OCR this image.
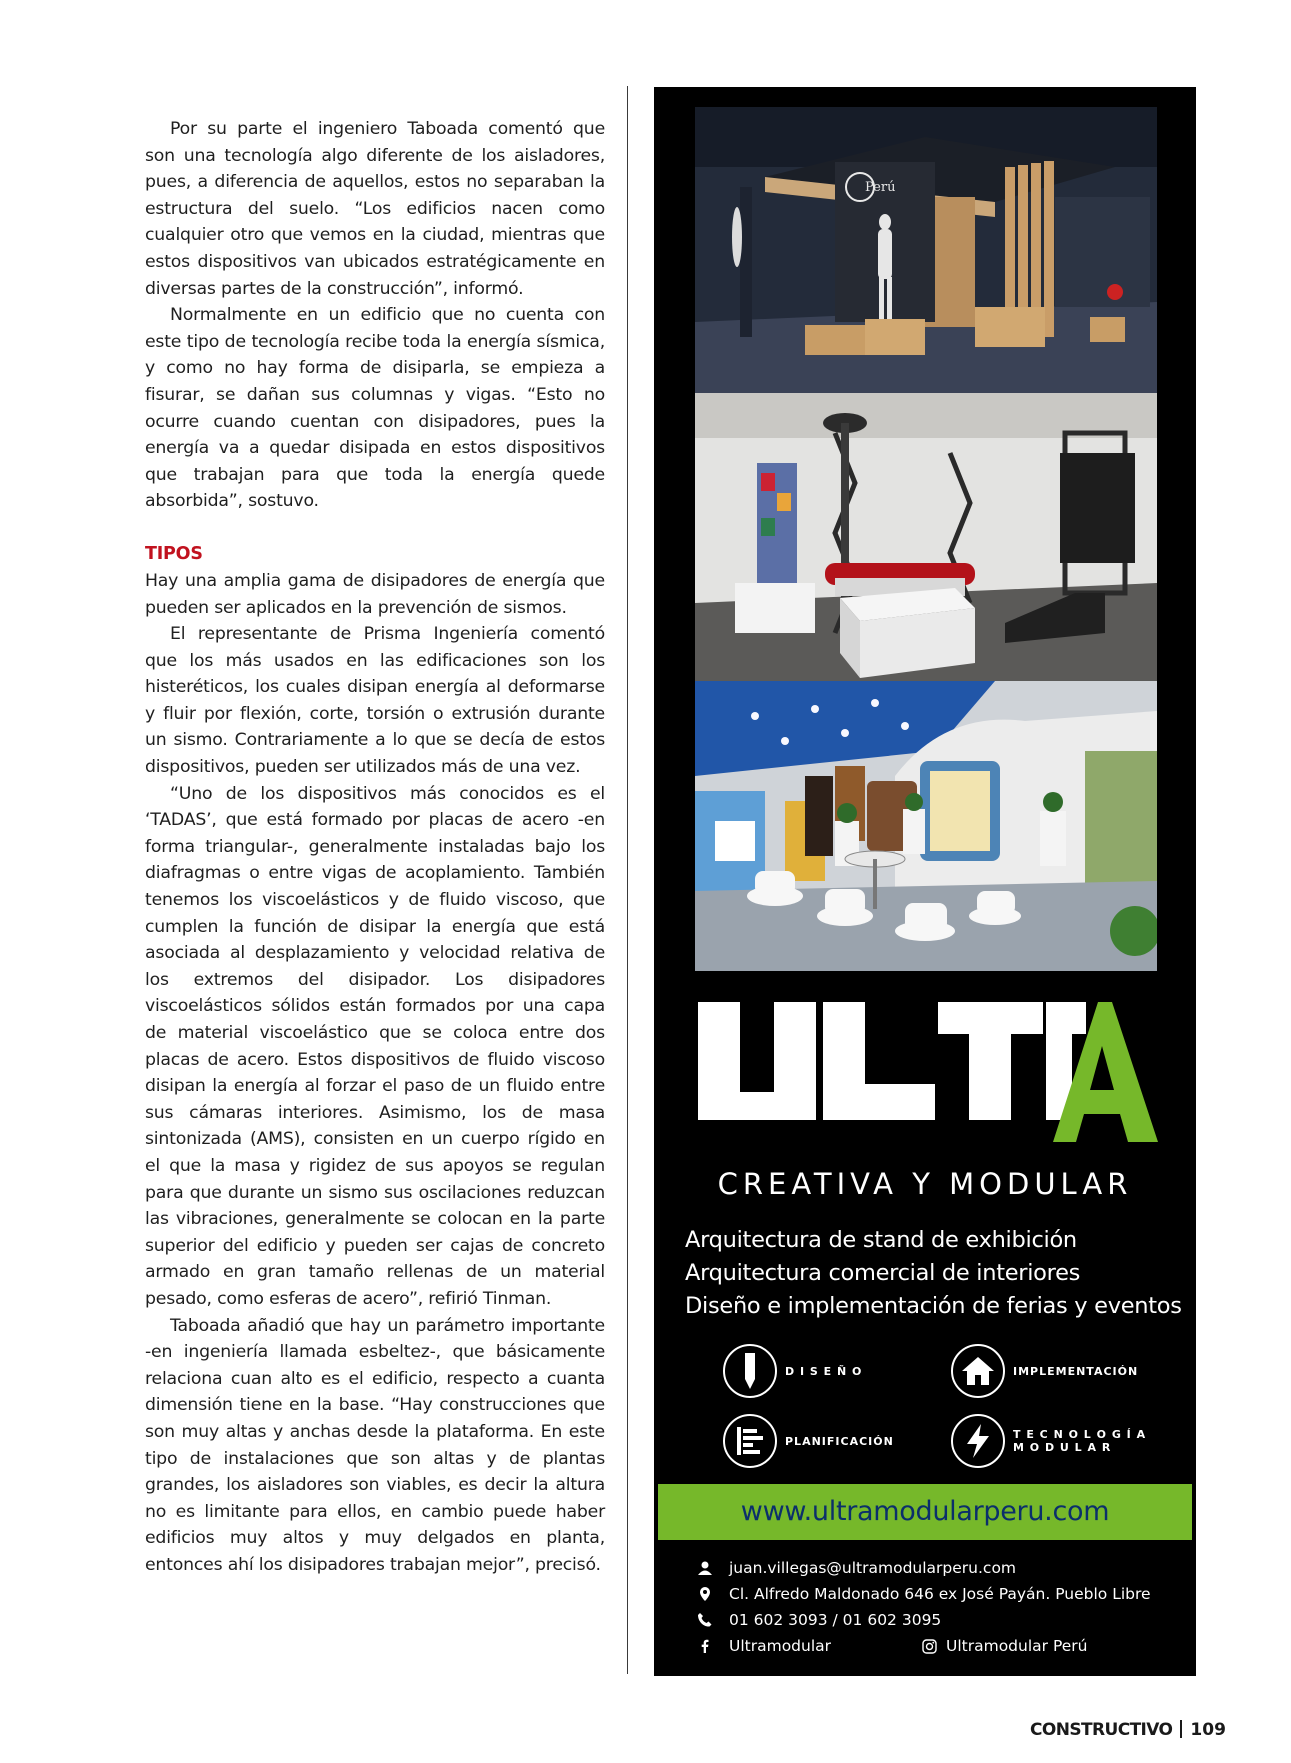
Por su parte el ingeniero Taboada comentó que son una tecnología algo diferente de los aisladores, pues, a diferencia de aquellos, estos no separaban la estructura del suelo. “Los edificios nacen como cualquier otro que vemos en la ciudad, mientras que estos dispositivos van ubicados estratégicamente en diversas partes de la construcción”, informó.

Normalmente en un edificio que no cuenta con este tipo de tecnología recibe toda la energía sísmica, y como no hay forma de disiparla, se empieza a fisurar, se dañan sus columnas y vigas. “Esto no ocurre cuando cuentan con disipadores, pues la energía va a quedar disipada en estos dispositivos que trabajan para que toda la energía quede absorbida”, sostuvo.

TIPOS

Hay una amplia gama de disipadores de energía que pueden ser aplicados en la prevención de sismos.

El representante de Prisma Ingeniería comentó que los más usados en las edificaciones son los histeréticos, los cuales disipan energía al deformarse y fluir por flexión, corte, torsión o extrusión durante un sismo. Contrariamente a lo que se decía de estos dispositivos, pueden ser utilizados más de una vez.

“Uno de los dispositivos más conocidos es el ‘TADAS’, que está formado por placas de acero -en forma triangular-, generalmente instaladas bajo los diafragmas o entre vigas de acoplamiento. También tenemos los viscoelásticos y de fluido viscoso, que cumplen la función de disipar la energía que está asociada al desplazamiento y velocidad relativa de los extremos del disipador. Los disipadores viscoelásticos sólidos están formados por una capa de material viscoelástico que se coloca entre dos placas de acero. Estos dispositivos de fluido viscoso disipan la energía al forzar el paso de un fluido entre sus cámaras interiores. Asimismo, los de masa sintonizada (AMS), consisten en un cuerpo rígido en el que la masa y rigidez de sus apoyos se regulan para que durante un sismo sus oscilaciones reduzcan las vibraciones, generalmente se colocan en la parte superior del edificio y pueden ser cajas de concreto armado en gran tamaño rellenas de un material pesado, como esferas de acero”, refirió Tinman.

Taboada añadió que hay un parámetro importante -en ingeniería llamada esbeltez-, que básicamente relaciona cuan alto es el edificio, respecto a cuanta dimensión tiene en la base. “Hay construcciones que son muy altas y anchas desde la plataforma. En este tipo de instalaciones que son altas y de plantas grandes, los aisladores son viables, es decir la altura no es limitante para ellos, en cambio puede haber edificios muy altos y muy delgados en planta, entonces ahí los disipadores trabajan mejor”, precisó.

Perú
CREATIVA Y MODULAR
Arquitectura de stand de exhibición
Arquitectura comercial de interiores
Diseño e implementación de ferias y eventos
D I S E Ñ O	IMPLEMENTACIÓN
PLANIFICACIÓN
T E C N O L O G Í A
M O D U L A R
www.ultramodularperu.com
juan.villegas@ultramodularperu.com
Cl. Alfredo Maldonado 646 ex José Payán. Pueblo Libre
01 602 3093 / 01 602 3095
Ultramodular	Ultramodular Perú
CONSTRUCTIVO 109
